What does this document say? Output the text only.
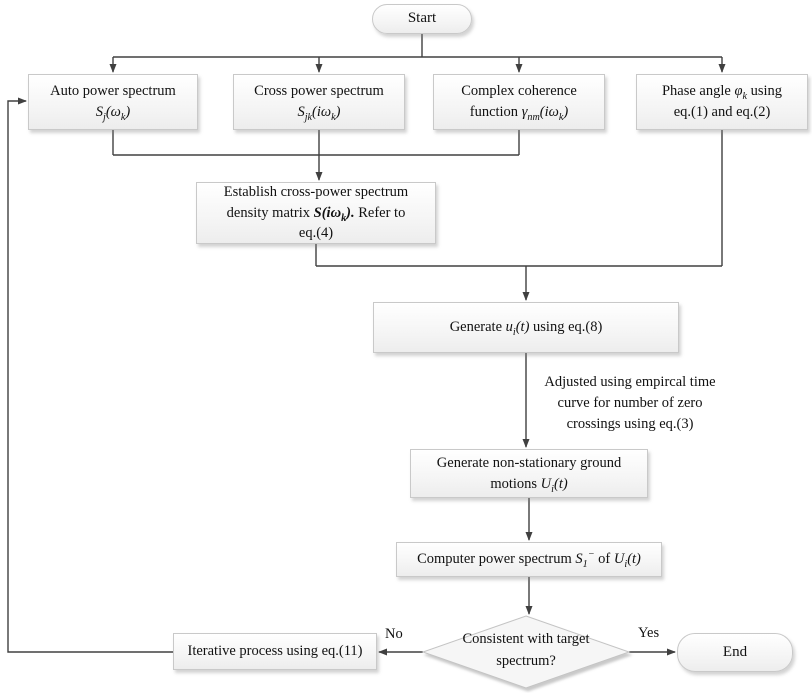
Start
Auto power spectrum
$S_j(\omega_k)$
Cross power spectrum
$S_{jk}(i\omega_k)$
Complex coherence
function $\gamma_{nm}(i\omega_k)$
Phase angle $\varphi_k$ using
eq.(1) and eq.(2)
Establish cross-power spectrum
density matrix $S(i\omega_k)$. Refer to
eq.(4)
Generate $u_i(t)$ using eq.(8)
Adjusted using empircal time
curve for number of zero
crossings using eq.(3)
Generate non-stationary ground
motions $U_i(t)$
Computer power spectrum $S_1^-$ of $U_i(t)$
Consistent with target
spectrum?
No	Yes
Iterative process using eq.(11)	End
